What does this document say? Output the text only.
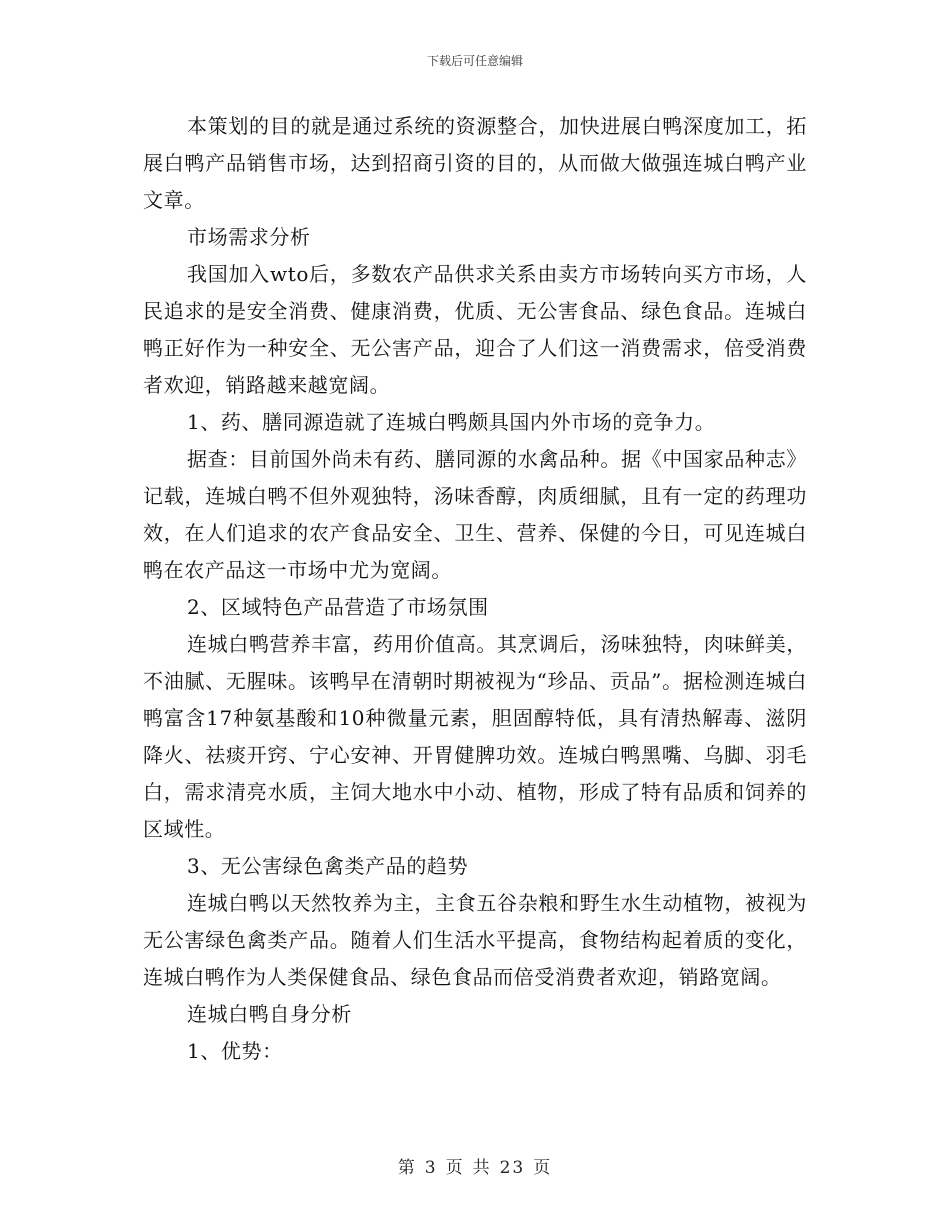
下载后可任意编辑

本策划的目的就是通过系统的资源整合，加快进展白鸭深度加工，拓展白鸭产品销售市场，达到招商引资的目的，从而做大做强连城白鸭产业文章。

市场需求分析

我国加入wto后，多数农产品供求关系由卖方市场转向买方市场，人民追求的是安全消费、健康消费，优质、无公害食品、绿色食品。连城白鸭正好作为一种安全、无公害产品，迎合了人们这一消费需求，倍受消费者欢迎，销路越来越宽阔。

1、药、膳同源造就了连城白鸭颇具国内外市场的竞争力。

据查：目前国外尚未有药、膳同源的水禽品种。据《中国家品种志》记载，连城白鸭不但外观独特，汤味香醇，肉质细腻，且有一定的药理功效，在人们追求的农产食品安全、卫生、营养、保健的今日，可见连城白鸭在农产品这一市场中尤为宽阔。

2、区域特色产品营造了市场氛围

连城白鸭营养丰富，药用价值高。其烹调后，汤味独特，肉味鲜美，不油腻、无腥味。该鸭早在清朝时期被视为“珍品、贡品”。据检测连城白鸭富含17种氨基酸和10种微量元素，胆固醇特低，具有清热解毒、滋阴降火、祛痰开窍、宁心安神、开胃健脾功效。连城白鸭黑嘴、乌脚、羽毛白，需求清亮水质，主饲大地水中小动、植物，形成了特有品质和饲养的区域性。

3、无公害绿色禽类产品的趋势

连城白鸭以天然牧养为主，主食五谷杂粮和野生水生动植物，被视为无公害绿色禽类产品。随着人们生活水平提高，食物结构起着质的变化，连城白鸭作为人类保健食品、绿色食品而倍受消费者欢迎，销路宽阔。

连城白鸭自身分析

1、优势：

第 3 页 共 23 页
